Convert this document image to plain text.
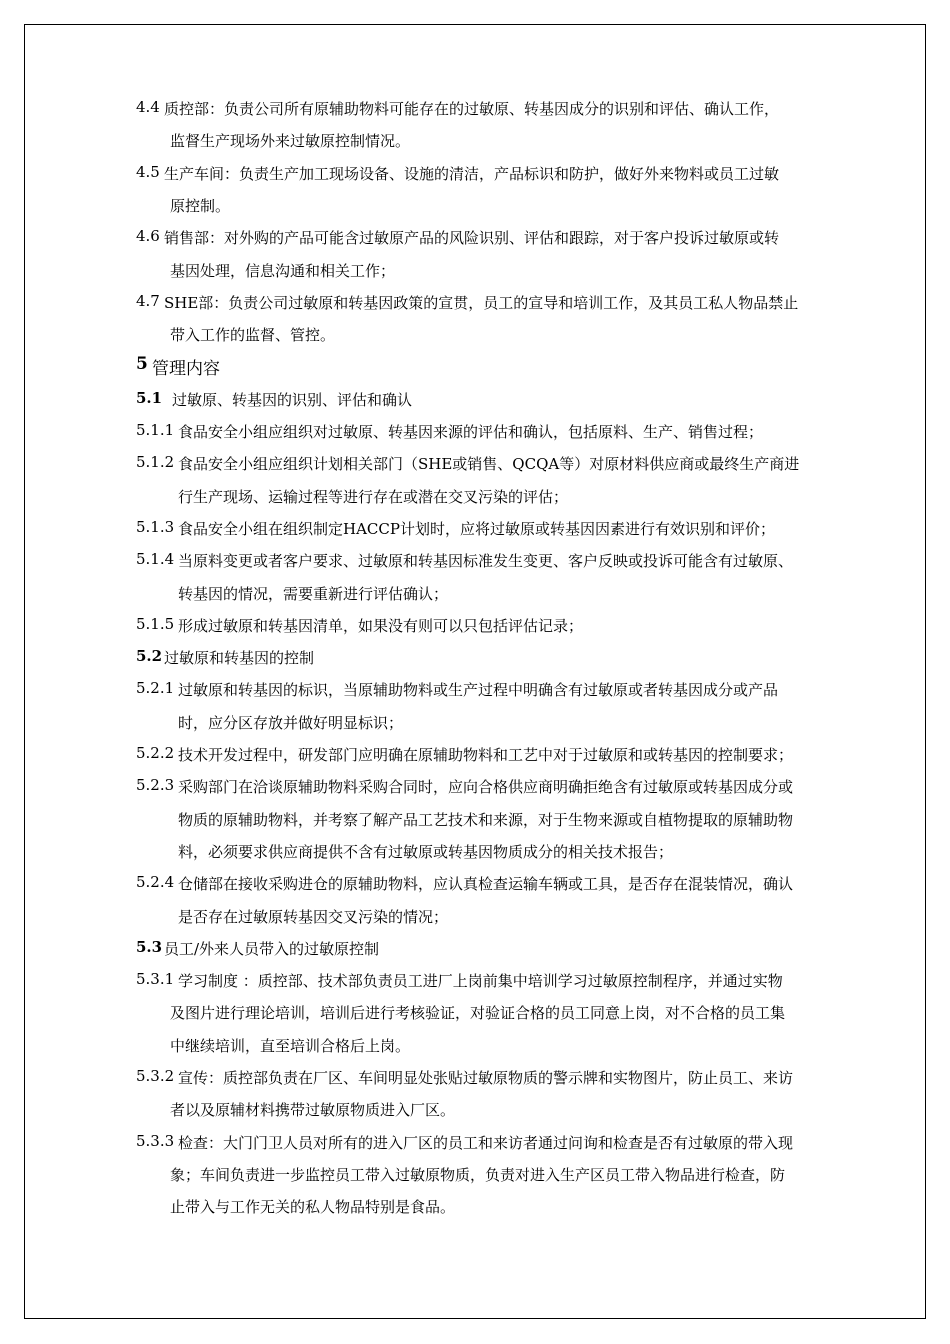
4.4 质控部：负责公司所有原辅助物料可能存在的过敏原、转基因成分的识别和评估、确认工作，
监督生产现场外来过敏原控制情况。
4.5 生产车间：负责生产加工现场设备、设施的清洁，产品标识和防护，做好外来物料或员工过敏
原控制。
4.6 销售部：对外购的产品可能含过敏原产品的风险识别、评估和跟踪，对于客户投诉过敏原或转
基因处理，信息沟通和相关工作；
4.7 SHE部：负责公司过敏原和转基因政策的宣贯，员工的宣导和培训工作，及其员工私人物品禁止
带入工作的监督、管控。
5 管理内容
5.1 过敏原、转基因的识别、评估和确认
5.1.1 食品安全小组应组织对过敏原、转基因来源的评估和确认，包括原料、生产、销售过程；
5.1.2 食品安全小组应组织计划相关部门（SHE或销售、QCQA等）对原材料供应商或最终生产商进
行生产现场、运输过程等进行存在或潜在交叉污染的评估；
5.1.3 食品安全小组在组织制定HACCP计划时，应将过敏原或转基因因素进行有效识别和评价；
5.1.4 当原料变更或者客户要求、过敏原和转基因标准发生变更、客户反映或投诉可能含有过敏原、
转基因的情况，需要重新进行评估确认；
5.1.5 形成过敏原和转基因清单，如果没有则可以只包括评估记录；
5.2 过敏原和转基因的控制
5.2.1 过敏原和转基因的标识，当原辅助物料或生产过程中明确含有过敏原或者转基因成分或产品
时，应分区存放并做好明显标识；
5.2.2 技术开发过程中，研发部门应明确在原辅助物料和工艺中对于过敏原和或转基因的控制要求；
5.2.3 采购部门在洽谈原辅助物料采购合同时，应向合格供应商明确拒绝含有过敏原或转基因成分或
物质的原辅助物料，并考察了解产品工艺技术和来源，对于生物来源或自植物提取的原辅助物
料，必须要求供应商提供不含有过敏原或转基因物质成分的相关技术报告；
5.2.4 仓储部在接收采购进仓的原辅助物料，应认真检查运输车辆或工具，是否存在混装情况，确认
是否存在过敏原转基因交叉污染的情况；
5.3 员工/外来人员带入的过敏原控制
5.3.1 学习制度 ：质控部、技术部负责员工进厂上岗前集中培训学习过敏原控制程序，并通过实物
及图片进行理论培训，培训后进行考核验证，对验证合格的员工同意上岗，对不合格的员工集
中继续培训，直至培训合格后上岗。
5.3.2 宣传：质控部负责在厂区、车间明显处张贴过敏原物质的警示牌和实物图片，防止员工、来访
者以及原辅材料携带过敏原物质进入厂区。
5.3.3 检查：大门门卫人员对所有的进入厂区的员工和来访者通过问询和检查是否有过敏原的带入现
象；车间负责进一步监控员工带入过敏原物质，负责对进入生产区员工带入物品进行检查，防
止带入与工作无关的私人物品特别是食品。
